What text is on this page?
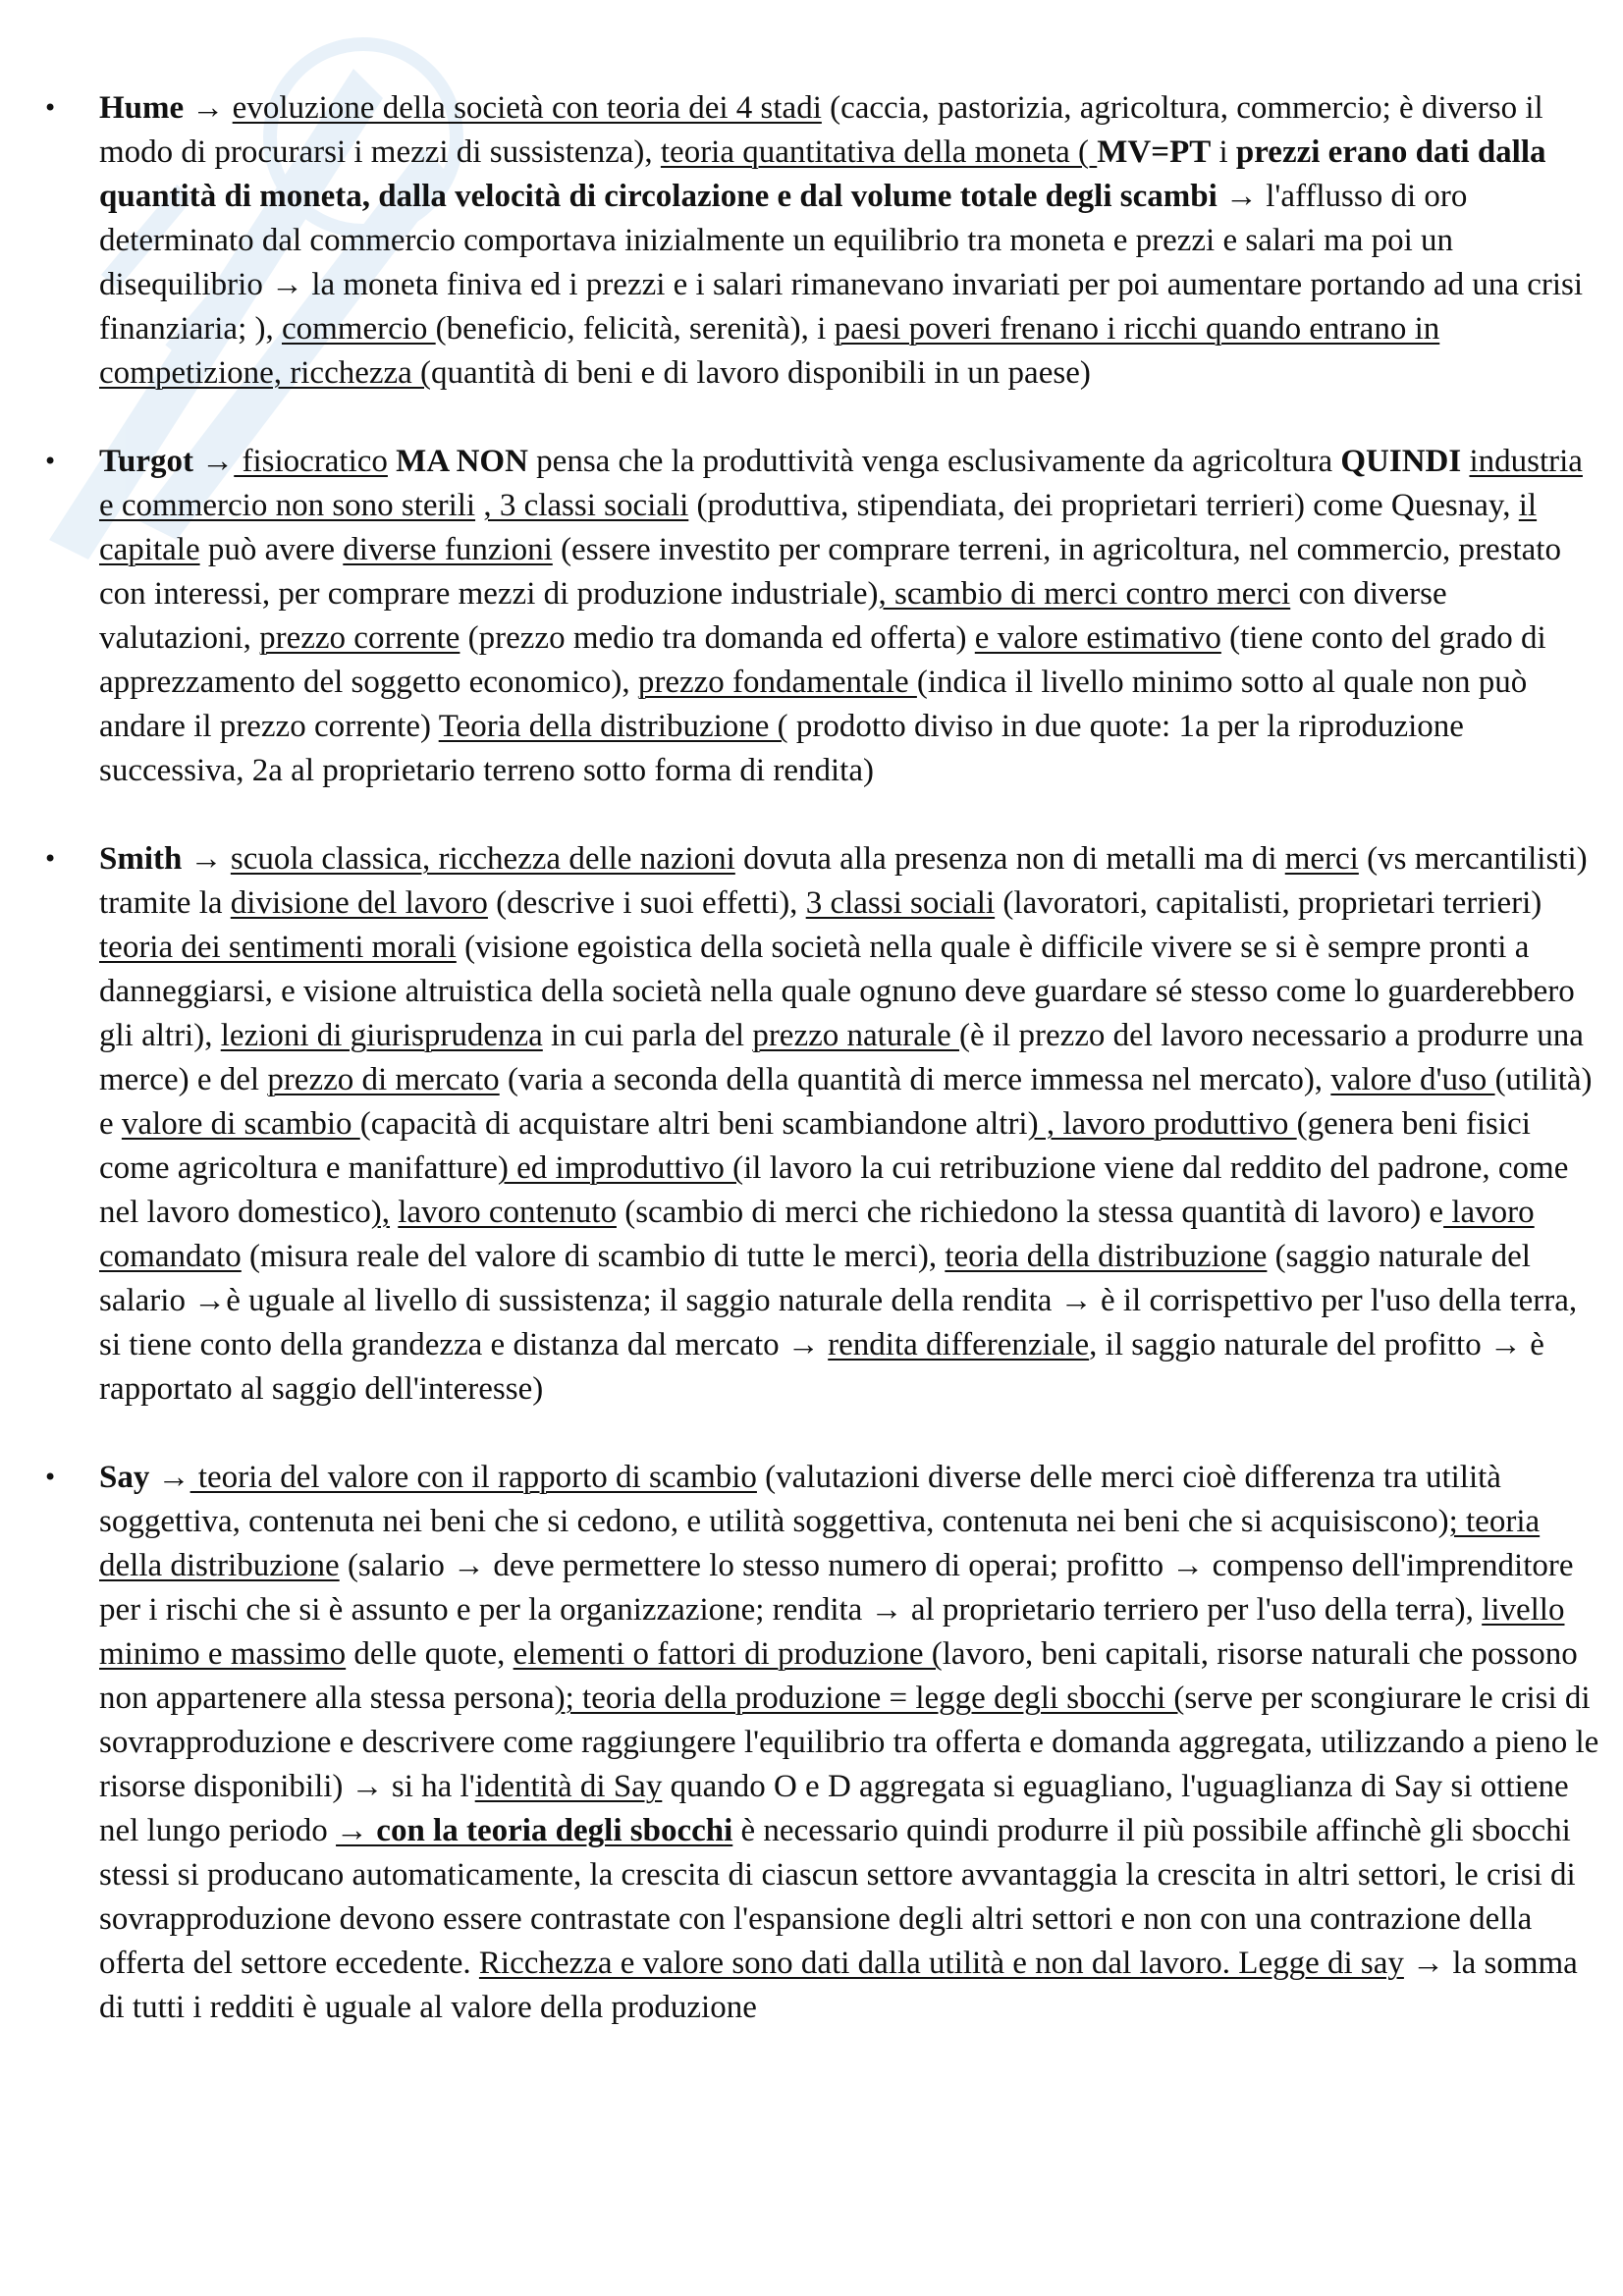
• Hume → evoluzione della società con teoria dei 4 stadi (caccia, pastorizia, agricoltura, commercio; è diverso il modo di procurarsi i mezzi di sussistenza), teoria quantitativa della moneta ( MV=PT i prezzi erano dati dalla quantità di moneta, dalla velocità di circolazione e dal volume totale degli scambi → l'afflusso di oro determinato dal commercio comportava inizialmente un equilibrio tra moneta e prezzi e salari ma poi un disequilibrio → la moneta finiva ed i prezzi e i salari rimanevano invariati per poi aumentare portando ad una crisi finanziaria; ), commercio (beneficio, felicità, serenità), i paesi poveri frenano i ricchi quando entrano in competizione, ricchezza (quantità di beni e di lavoro disponibili in un paese)
• Turgot → fisiocratico MA NON pensa che la produttività venga esclusivamente da agricoltura QUINDI industria e commercio non sono sterili , 3 classi sociali (produttiva, stipendiata, dei proprietari terrieri) come Quesnay, il capitale può avere diverse funzioni (essere investito per comprare terreni, in agricoltura, nel commercio, prestato con interessi, per comprare mezzi di produzione industriale), scambio di merci contro merci con diverse valutazioni, prezzo corrente (prezzo medio tra domanda ed offerta) e valore estimativo (tiene conto del grado di apprezzamento del soggetto economico), prezzo fondamentale (indica il livello minimo sotto al quale non può andare il prezzo corrente) Teoria della distribuzione ( prodotto diviso in due quote: 1a per la riproduzione successiva, 2a al proprietario terreno sotto forma di rendita)
• Smith → scuola classica, ricchezza delle nazioni dovuta alla presenza non di metalli ma di merci (vs mercantilisti) tramite la divisione del lavoro (descrive i suoi effetti), 3 classi sociali (lavoratori, capitalisti, proprietari terrieri) teoria dei sentimenti morali (visione egoistica della società nella quale è difficile vivere se si è sempre pronti a danneggiarsi, e visione altruistica della società nella quale ognuno deve guardare sé stesso come lo guarderebbero gli altri), lezioni di giurisprudenza in cui parla del prezzo naturale (è il prezzo del lavoro necessario a produrre una merce) e del prezzo di mercato (varia a seconda della quantità di merce immessa nel mercato), valore d'uso (utilità) e valore di scambio (capacità di acquistare altri beni scambiandone altri) , lavoro produttivo (genera beni fisici come agricoltura e manifatture) ed improduttivo (il lavoro la cui retribuzione viene dal reddito del padrone, come nel lavoro domestico), lavoro contenuto (scambio di merci che richiedono la stessa quantità di lavoro) e lavoro comandato (misura reale del valore di scambio di tutte le merci), teoria della distribuzione (saggio naturale del salario →è uguale al livello di sussistenza; il saggio naturale della rendita → è il corrispettivo per l'uso della terra, si tiene conto della grandezza e distanza dal mercato → rendita differenziale, il saggio naturale del profitto → è rapportato al saggio dell'interesse)
• Say → teoria del valore con il rapporto di scambio (valutazioni diverse delle merci cioè differenza tra utilità soggettiva, contenuta nei beni che si cedono, e utilità soggettiva, contenuta nei beni che si acquisiscono); teoria della distribuzione (salario → deve permettere lo stesso numero di operai; profitto → compenso dell'imprenditore per i rischi che si è assunto e per la organizzazione; rendita → al proprietario terriero per l'uso della terra), livello minimo e massimo delle quote, elementi o fattori di produzione (lavoro, beni capitali, risorse naturali che possono non appartenere alla stessa persona); teoria della produzione = legge degli sbocchi (serve per scongiurare le crisi di sovrapproduzione e descrivere come raggiungere l'equilibrio tra offerta e domanda aggregata, utilizzando a pieno le risorse disponibili) → si ha l'identità di Say quando O e D aggregata si eguagliano, l'uguaglianza di Say si ottiene nel lungo periodo → con la teoria degli sbocchi è necessario quindi produrre il più possibile affinchè gli sbocchi stessi si producano automaticamente, la crescita di ciascun settore avvantaggia la crescita in altri settori, le crisi di sovrapproduzione devono essere contrastate con l'espansione degli altri settori e non con una contrazione della offerta del settore eccedente. Ricchezza e valore sono dati dalla utilità e non dal lavoro. Legge di say → la somma di tutti i redditi è uguale al valore della produzione
